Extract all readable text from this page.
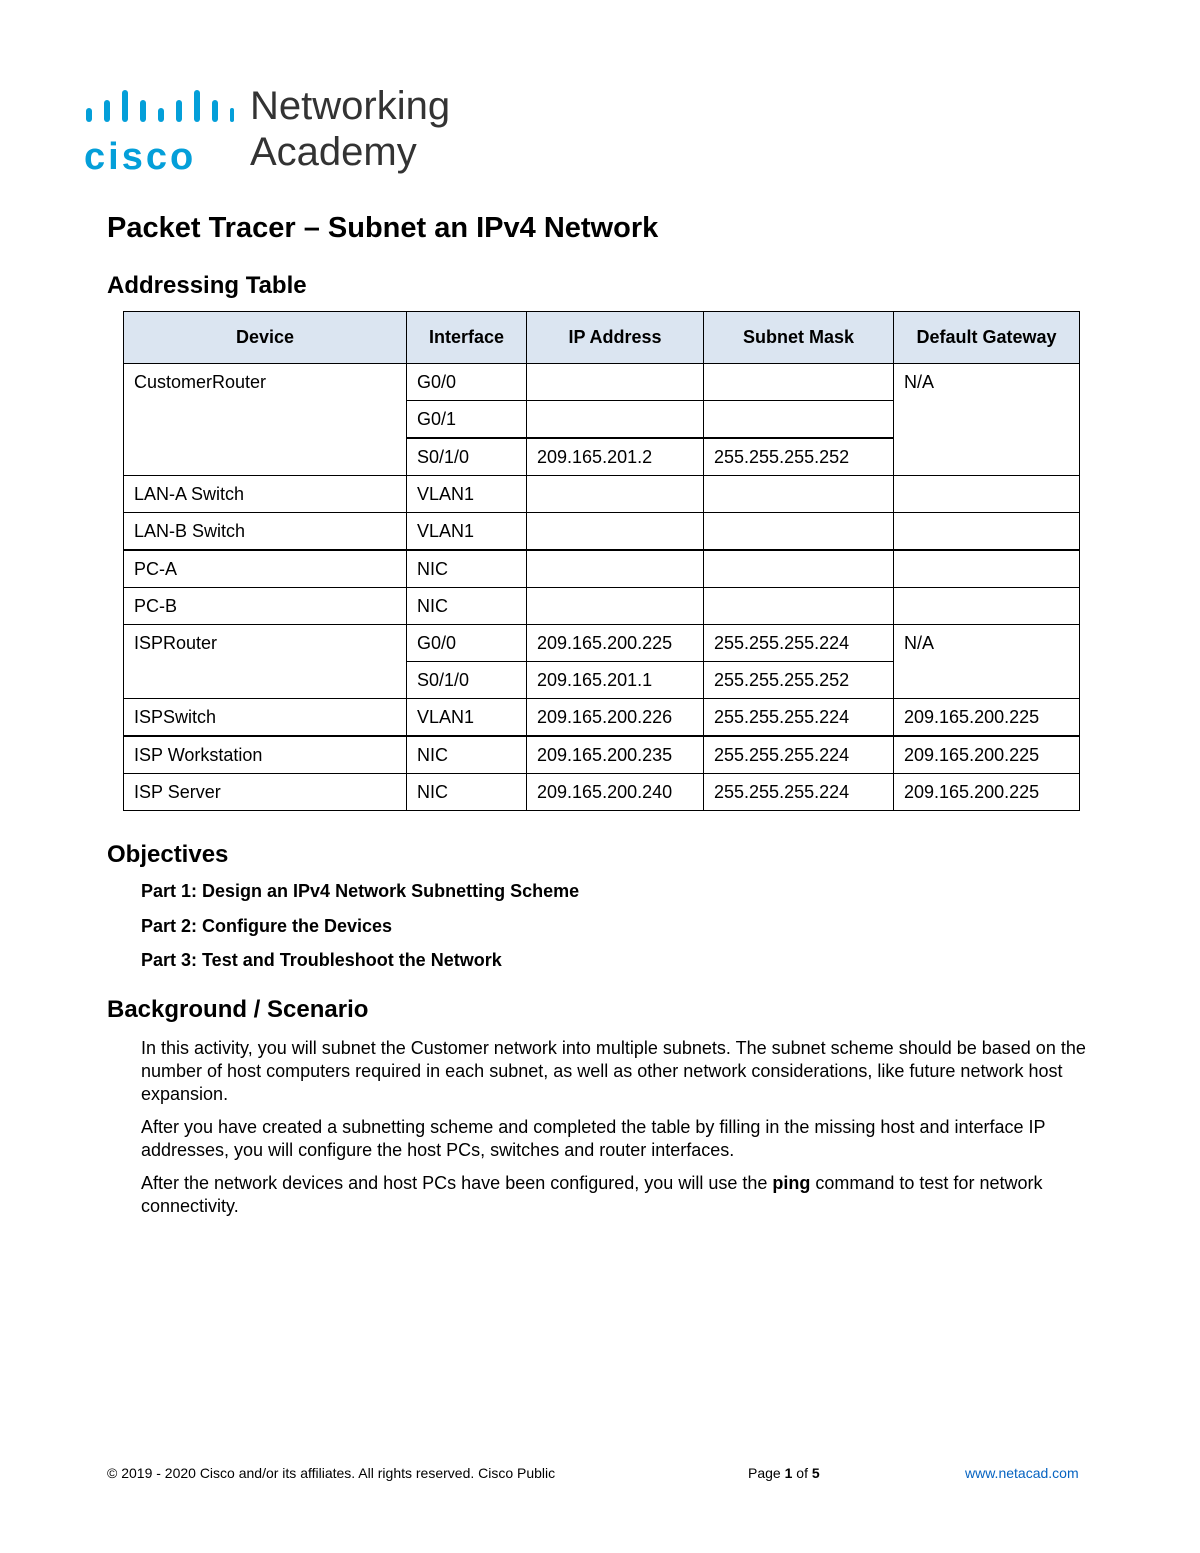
cisco
Networking
Academy
Packet Tracer – Subnet an IPv4 Network
Addressing Table
Device	Interface	IP Address	Subnet Mask	Default Gateway
CustomerRouter	G0/0			N/A
	G0/1			
	S0/1/0	209.165.201.2	255.255.255.252	
LAN-A Switch	VLAN1			
LAN-B Switch	VLAN1			
PC-A	NIC			
PC-B	NIC			
ISPRouter	G0/0	209.165.200.225	255.255.255.224	N/A
	S0/1/0	209.165.201.1	255.255.255.252	
ISPSwitch	VLAN1	209.165.200.226	255.255.255.224	209.165.200.225
ISP Workstation	NIC	209.165.200.235	255.255.255.224	209.165.200.225
ISP Server	NIC	209.165.200.240	255.255.255.224	209.165.200.225
Objectives
Part 1: Design an IPv4 Network Subnetting Scheme
Part 2: Configure the Devices
Part 3: Test and Troubleshoot the Network
Background / Scenario

In this activity, you will subnet the Customer network into multiple subnets. The subnet scheme should be based on the number of host computers required in each subnet, as well as other network considerations, like future network host expansion.

After you have created a subnetting scheme and completed the table by filling in the missing host and interface IP addresses, you will configure the host PCs, switches and router interfaces.

After the network devices and host PCs have been configured, you will use the ping command to test for network connectivity.

© 2019 - 2020 Cisco and/or its affiliates. All rights reserved. Cisco Public	Page 1 of 5	www.netacad.com
